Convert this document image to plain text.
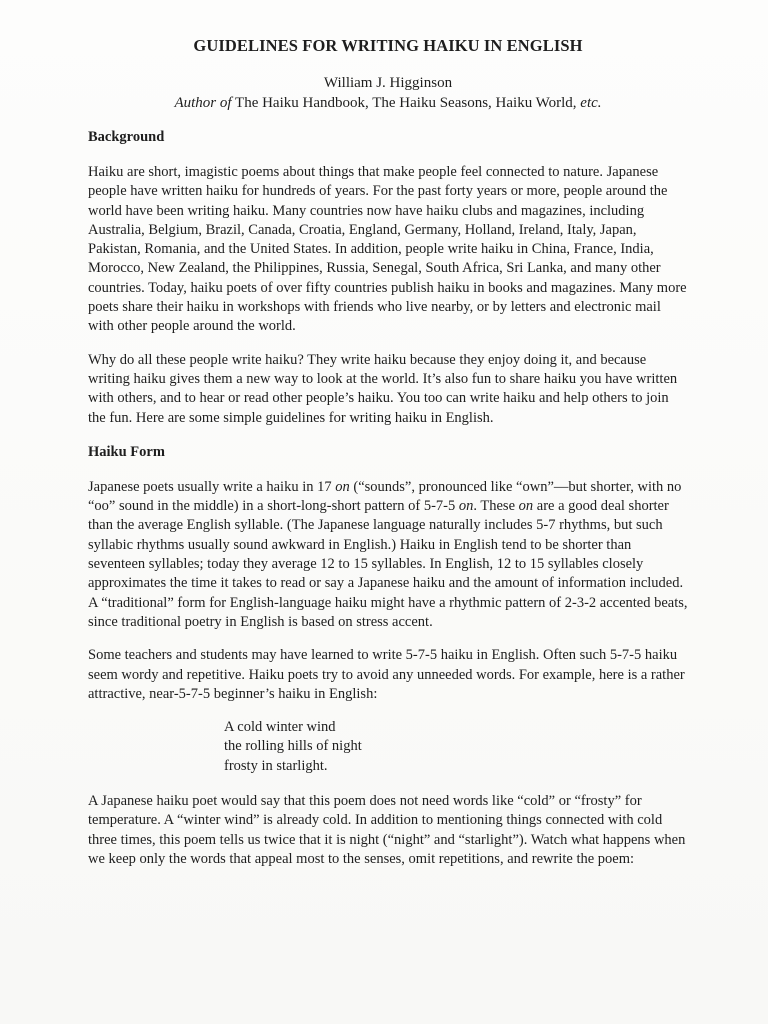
GUIDELINES FOR WRITING HAIKU IN ENGLISH

William J. Higginson

Author of The Haiku Handbook, The Haiku Seasons, Haiku World, etc.

Background

Haiku are short, imagistic poems about things that make people feel connected to nature. Japanese people have written haiku for hundreds of years. For the past forty years or more, people around the world have been writing haiku. Many countries now have haiku clubs and magazines, including Australia, Belgium, Brazil, Canada, Croatia, England, Germany, Holland, Ireland, Italy, Japan, Pakistan, Romania, and the United States. In addition, people write haiku in China, France, India, Morocco, New Zealand, the Philippines, Russia, Senegal, South Africa, Sri Lanka, and many other countries. Today, haiku poets of over fifty countries publish haiku in books and magazines. Many more poets share their haiku in workshops with friends who live nearby, or by letters and electronic mail with other people around the world.

Why do all these people write haiku? They write haiku because they enjoy doing it, and because writing haiku gives them a new way to look at the world. It’s also fun to share haiku you have written with others, and to hear or read other people’s haiku. You too can write haiku and help others to join the fun. Here are some simple guidelines for writing haiku in English.

Haiku Form

Japanese poets usually write a haiku in 17 on (“sounds”, pronounced like “own”—but shorter, with no “oo” sound in the middle) in a short-long-short pattern of 5-7-5 on. These on are a good deal shorter than the average English syllable. (The Japanese language naturally includes 5-7 rhythms, but such syllabic rhythms usually sound awkward in English.) Haiku in English tend to be shorter than seventeen syllables; today they average 12 to 15 syllables. In English, 12 to 15 syllables closely approximates the time it takes to read or say a Japanese haiku and the amount of information included. A “traditional” form for English-language haiku might have a rhythmic pattern of 2-3-2 accented beats, since traditional poetry in English is based on stress accent.

Some teachers and students may have learned to write 5-7-5 haiku in English. Often such 5-7-5 haiku seem wordy and repetitive. Haiku poets try to avoid any unneeded words. For example, here is a rather attractive, near-5-7-5 beginner’s haiku in English:

A cold winter wind
the rolling hills of night
frosty in starlight.

A Japanese haiku poet would say that this poem does not need words like “cold” or “frosty” for temperature. A “winter wind” is already cold. In addition to mentioning things connected with cold three times, this poem tells us twice that it is night (“night” and “starlight”). Watch what happens when we keep only the words that appeal most to the senses, omit repetitions, and rewrite the poem:
